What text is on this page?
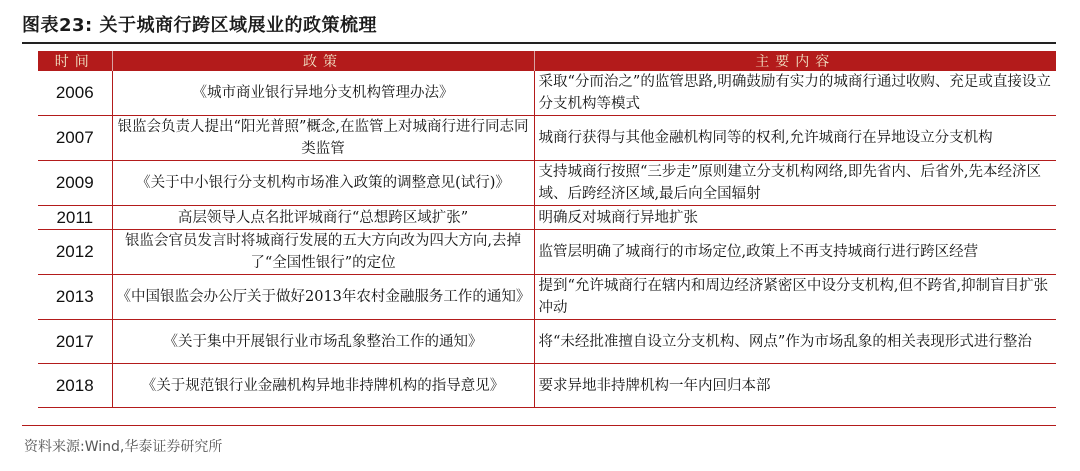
图表23: 关于城商行跨区域展业的政策梳理
时间	政策	主要内容
2006	《城市商业银行异地分支机构管理办法》	采取“分而治之”的监管思路,明确鼓励有实力的城商行通过收购、充足或直接设立分支机构等模式
2007	银监会负责人提出“阳光普照”概念,在监管上对城商行进行同志同类监管	城商行获得与其他金融机构同等的权利,允许城商行在异地设立分支机构
2009	《关于中小银行分支机构市场准入政策的调整意见(试行)》	支持城商行按照“三步走”原则建立分支机构网络,即先省内、后省外,先本经济区域、后跨经济区域,最后向全国辐射
2011	高层领导人点名批评城商行“总想跨区域扩张”	明确反对城商行异地扩张
2012	银监会官员发言时将城商行发展的五大方向改为四大方向,去掉了“全国性银行”的定位	监管层明确了城商行的市场定位,政策上不再支持城商行进行跨区经营
2013	《中国银监会办公厅关于做好2013年农村金融服务工作的通知》	提到“允许城商行在辖内和周边经济紧密区中设分支机构,但不跨省,抑制盲目扩张冲动
2017	《关于集中开展银行业市场乱象整治工作的通知》	将“未经批准擅自设立分支机构、网点”作为市场乱象的相关表现形式进行整治
2018	《关于规范银行业金融机构异地非持牌机构的指导意见》	要求异地非持牌机构一年内回归本部
资料来源:Wind,华泰证券研究所
